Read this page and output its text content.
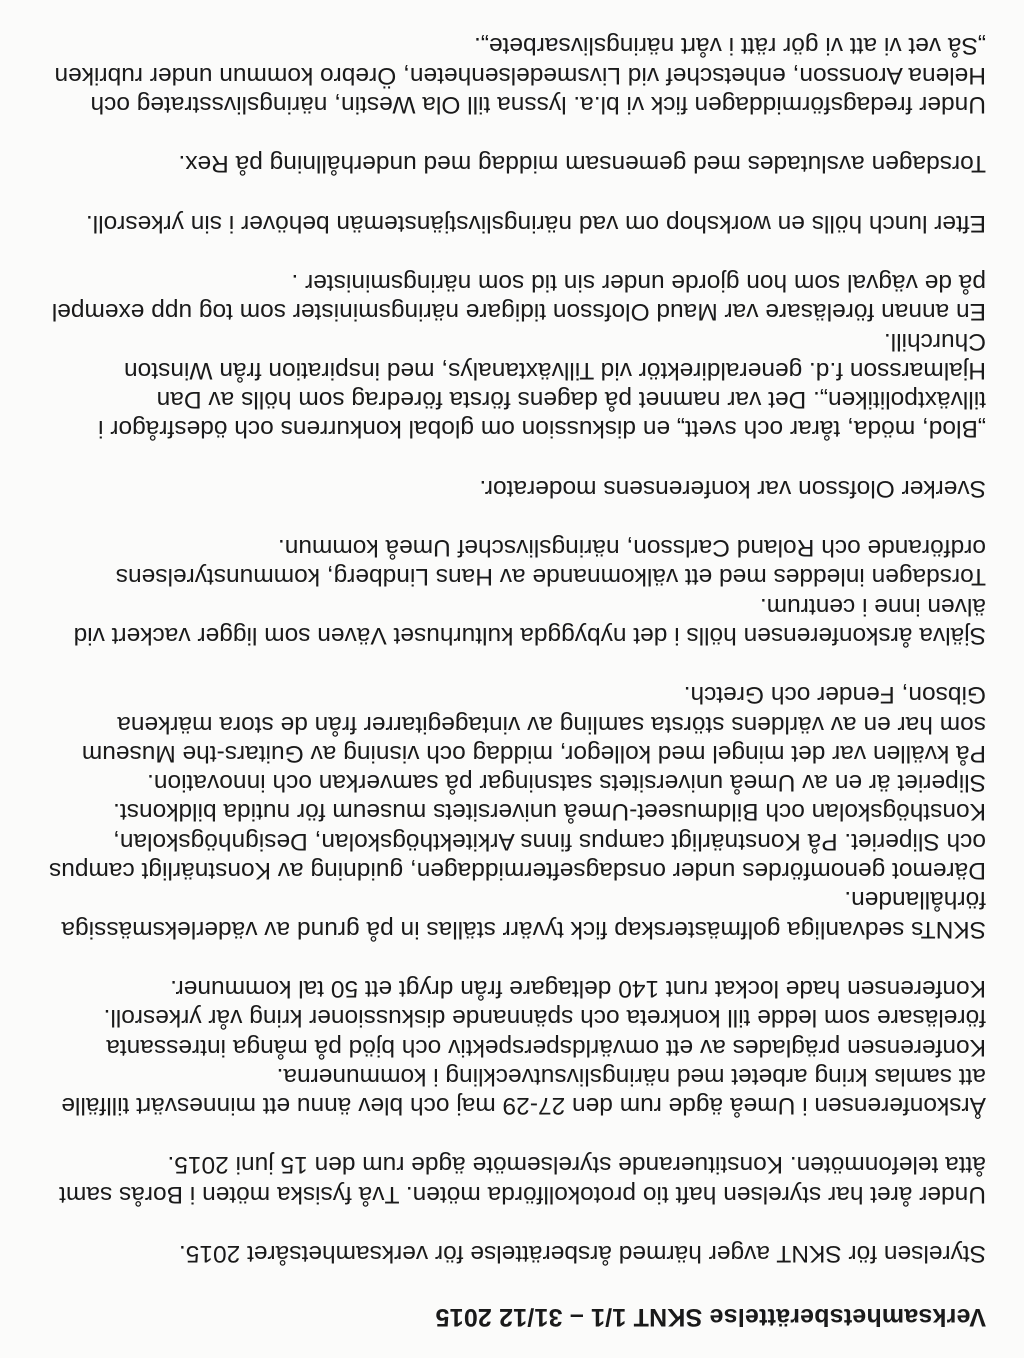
Verksamhetsberättelse SKNT 1/1 – 31/12 2015
Styrelsen för SKNT avger härmed årsberättelse för verksamhetsåret 2015.
Under året har styrelsen haft tio protokollförda möten. Två fysiska möten i Borås samt
åtta telefonmöten. Konstituerande styrelsemöte ägde rum den 15 juni 2015.
Årskonferensen i Umeå ägde rum den 27-29 maj och blev ännu ett minnesvärt tillfälle
att samlas kring arbetet med näringslivsutveckling i kommunerna.
Konferensen präglades av ett omvärldsperspektiv och bjöd på många intressanta
föreläsare som ledde till konkreta och spännande diskussioner kring vår yrkesroll.
Konferensen hade lockat runt 140 deltagare från drygt ett 50 tal kommuner.
SKNTs sedvanliga golfmästerskap fick tyvärr ställas in på grund av väderleksmässiga
förhållanden.
Däremot genomfördes under onsdagseftermiddagen, guidning av Konstnärligt campus
och Sliperiet. På Konstnärligt campus finns Arkitekthögskolan, Designhögskolan,
Konsthögskolan och Bildmuseet-Umeå universitets museum för nutida bildkonst.
Sliperiet är en av Umeå universitets satsningar på samverkan och innovation.
På kvällen var det mingel med kollegor, middag och visning av Guitars-the Museum
som har en av världens största samling av vintagegitarrer från de stora märkena
Gibson, Fender och Gretch.
Själva årskonferensen hölls i det nybyggda kulturhuset Väven som ligger vackert vid
älven inne i centrum.
Torsdagen inleddes med ett välkomnande av Hans Lindberg, kommunstyrelsens
ordförande och Roland Carlsson, näringslivschef Umeå kommun.
Sverker Olofsson var konferensens moderator.
„Blod, möda, tårar och svett„ en diskussion om global konkurrens och ödesfrågor i
tillväxtpolitiken„. Det var namnet på dagens första föredrag som hölls av Dan
Hjalmarsson f.d. generaldirektör vid Tillväxtanalys, med inspiration från Winston
Churchill.
En annan föreläsare var Maud Olofsson tidigare näringsminister som tog upp exempel
på de vägval som hon gjorde under sin tid som näringsminister .
Efter lunch hölls en workshop om vad näringslivstjänstemän behöver i sin yrkesroll.
Torsdagen avslutades med gemensam middag med underhållning på Rex.
Under fredagsförmiddagen fick vi bl.a. lyssna till Ola Westin, näringslivsstrateg och
Helena Aronsson, enhetschef vid Livsmedelsenheten, Örebro kommun under rubriken
„Så vet vi att vi gör rätt i vårt näringslivsarbete„.
